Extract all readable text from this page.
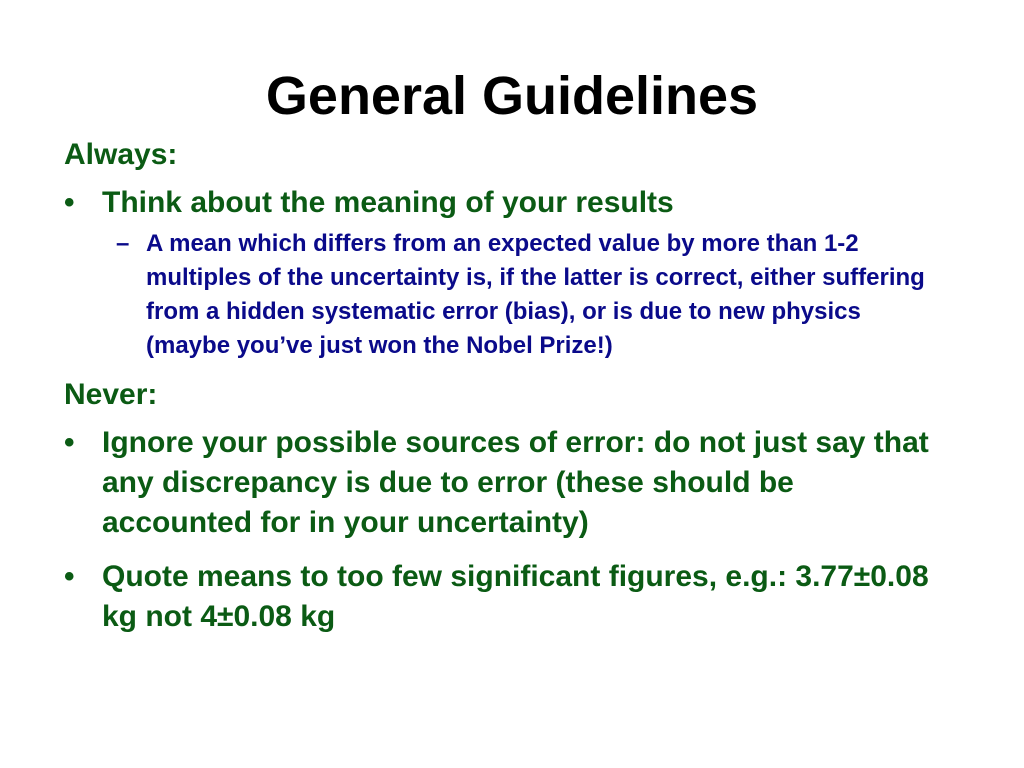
General Guidelines
Always:
• Think about the meaning of your results
– A mean which differs from an expected value by more than 1-2 multiples of the uncertainty is, if the latter is correct, either suffering from a hidden systematic error (bias), or is due to new physics (maybe you’ve just won the Nobel Prize!)
Never:
• Ignore your possible sources of error: do not just say that any discrepancy is due to error (these should be accounted for in your uncertainty)
• Quote means to too few significant figures, e.g.: 3.77±0.08 kg not 4±0.08 kg
